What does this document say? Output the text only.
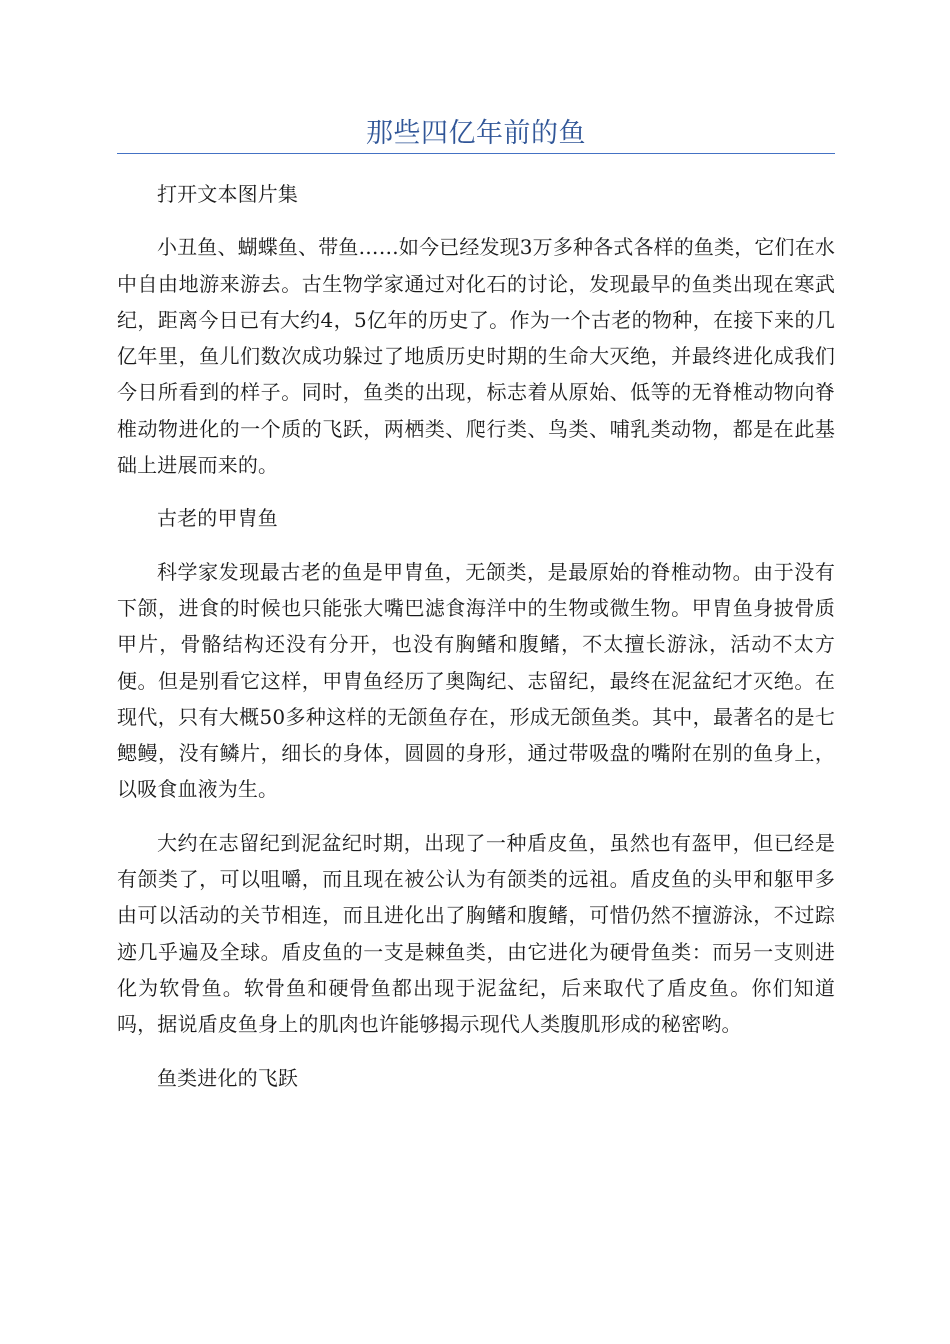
那些四亿年前的鱼

打开文本图片集

小丑鱼、蝴蝶鱼、带鱼……如今已经发现3万多种各式各样的鱼类，它们在水中自由地游来游去。古生物学家通过对化石的讨论，发现最早的鱼类出现在寒武纪，距离今日已有大约4，5亿年的历史了。作为一个古老的物种，在接下来的几亿年里，鱼儿们数次成功躲过了地质历史时期的生命大灭绝，并最终进化成我们今日所看到的样子。同时，鱼类的出现，标志着从原始、低等的无脊椎动物向脊椎动物进化的一个质的飞跃，两栖类、爬行类、鸟类、哺乳类动物，都是在此基础上进展而来的。

古老的甲胄鱼

科学家发现最古老的鱼是甲胄鱼，无颌类，是最原始的脊椎动物。由于没有下颌，进食的时候也只能张大嘴巴滤食海洋中的生物或微生物。甲胄鱼身披骨质甲片，骨骼结构还没有分开，也没有胸鳍和腹鳍，不太擅长游泳，活动不太方便。但是别看它这样，甲胄鱼经历了奥陶纪、志留纪，最终在泥盆纪才灭绝。在现代，只有大概50多种这样的无颌鱼存在，形成无颌鱼类。其中，最著名的是七鳃鳗，没有鳞片，细长的身体，圆圆的身形，通过带吸盘的嘴附在别的鱼身上，以吸食血液为生。

大约在志留纪到泥盆纪时期，出现了一种盾皮鱼，虽然也有盔甲，但已经是有颌类了，可以咀嚼，而且现在被公认为有颌类的远祖。盾皮鱼的头甲和躯甲多由可以活动的关节相连，而且进化出了胸鳍和腹鳍，可惜仍然不擅游泳，不过踪迹几乎遍及全球。盾皮鱼的一支是棘鱼类，由它进化为硬骨鱼类：而另一支则进化为软骨鱼。软骨鱼和硬骨鱼都出现于泥盆纪，后来取代了盾皮鱼。你们知道吗，据说盾皮鱼身上的肌肉也许能够揭示现代人类腹肌形成的秘密哟。

鱼类进化的飞跃
